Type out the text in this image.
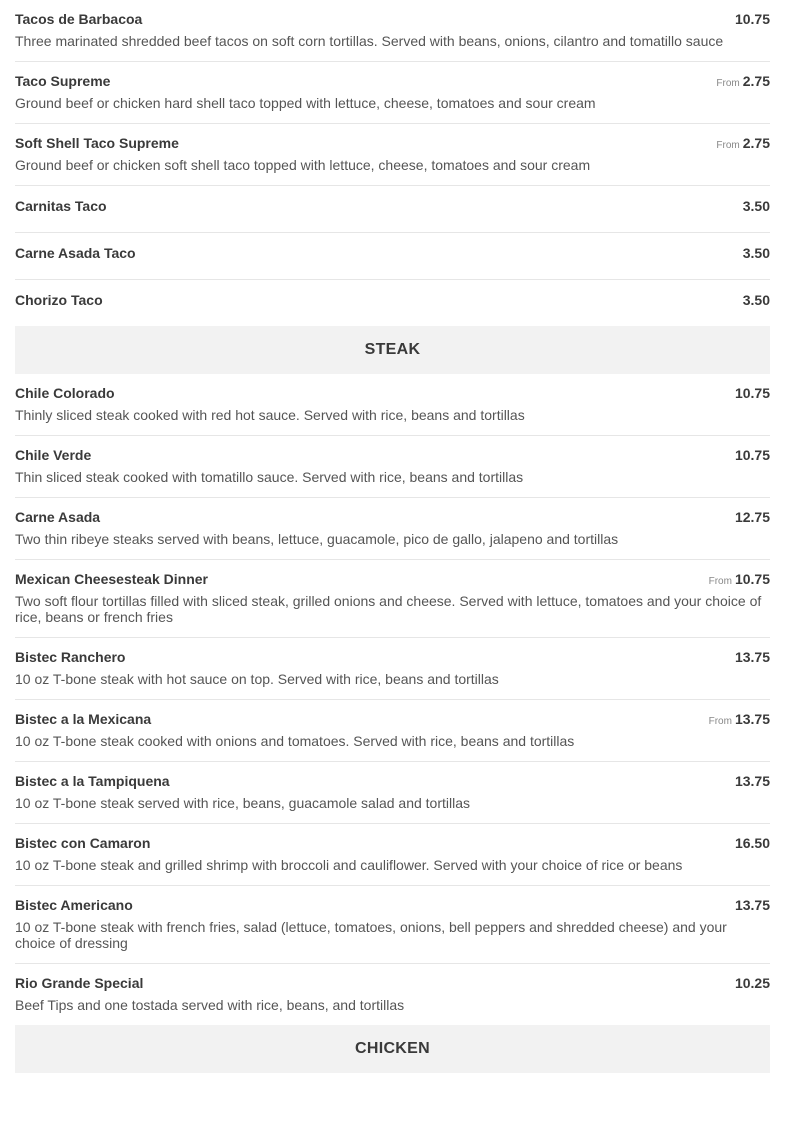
Tacos de Barbacoa	10.75
Three marinated shredded beef tacos on soft corn tortillas. Served with beans, onions, cilantro and tomatillo sauce
Taco Supreme	From 2.75
Ground beef or chicken hard shell taco topped with lettuce, cheese, tomatoes and sour cream
Soft Shell Taco Supreme	From 2.75
Ground beef or chicken soft shell taco topped with lettuce, cheese, tomatoes and sour cream
Carnitas Taco	3.50
Carne Asada Taco	3.50
Chorizo Taco	3.50
STEAK
Chile Colorado	10.75
Thinly sliced steak cooked with red hot sauce. Served with rice, beans and tortillas
Chile Verde	10.75
Thin sliced steak cooked with tomatillo sauce. Served with rice, beans and tortillas
Carne Asada	12.75
Two thin ribeye steaks served with beans, lettuce, guacamole, pico de gallo, jalapeno and tortillas
Mexican Cheesesteak Dinner	From 10.75
Two soft flour tortillas filled with sliced steak, grilled onions and cheese. Served with lettuce, tomatoes and your choice of rice, beans or french fries
Bistec Ranchero	13.75
10 oz T-bone steak with hot sauce on top. Served with rice, beans and tortillas
Bistec a la Mexicana	From 13.75
10 oz T-bone steak cooked with onions and tomatoes. Served with rice, beans and tortillas
Bistec a la Tampiquena	13.75
10 oz T-bone steak served with rice, beans, guacamole salad and tortillas
Bistec con Camaron	16.50
10 oz T-bone steak and grilled shrimp with broccoli and cauliflower. Served with your choice of rice or beans
Bistec Americano	13.75
10 oz T-bone steak with french fries, salad (lettuce, tomatoes, onions, bell peppers and shredded cheese) and your choice of dressing
Rio Grande Special	10.25
Beef Tips and one tostada served with rice, beans, and tortillas
CHICKEN
